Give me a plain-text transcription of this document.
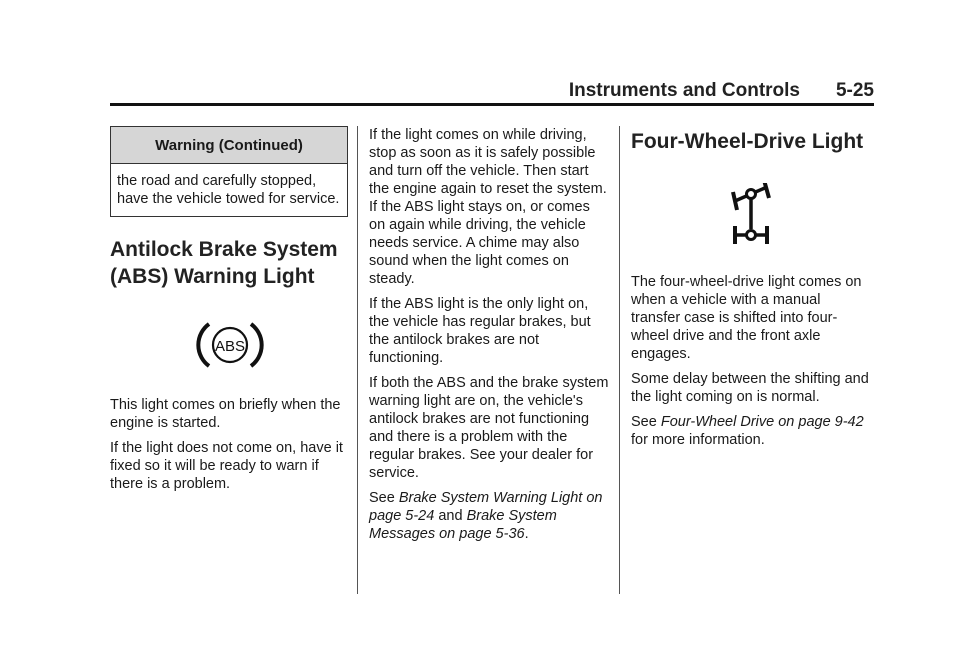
Instruments and Controls	5-25
Warning (Continued)
the road and carefully stopped, have the vehicle towed for service.
Antilock Brake System
(ABS) Warning Light
ABS

This light comes on briefly when the engine is started.

If the light does not come on, have it fixed so it will be ready to warn if there is a problem.

If the light comes on while driving, stop as soon as it is safely possible and turn off the vehicle. Then start the engine again to reset the system. If the ABS light stays on, or comes on again while driving, the vehicle needs service. A chime may also sound when the light comes on steady.

If the ABS light is the only light on, the vehicle has regular brakes, but the antilock brakes are not functioning.

If both the ABS and the brake system warning light are on, the vehicle's antilock brakes are not functioning and there is a problem with the regular brakes. See your dealer for service.

See Brake System Warning Light on page 5-24 and Brake System Messages on page 5-36.

Four-Wheel-Drive Light

The four-wheel-drive light comes on when a vehicle with a manual transfer case is shifted into four-wheel drive and the front axle engages.

Some delay between the shifting and the light coming on is normal.

See Four-Wheel Drive on page 9-42 for more information.
